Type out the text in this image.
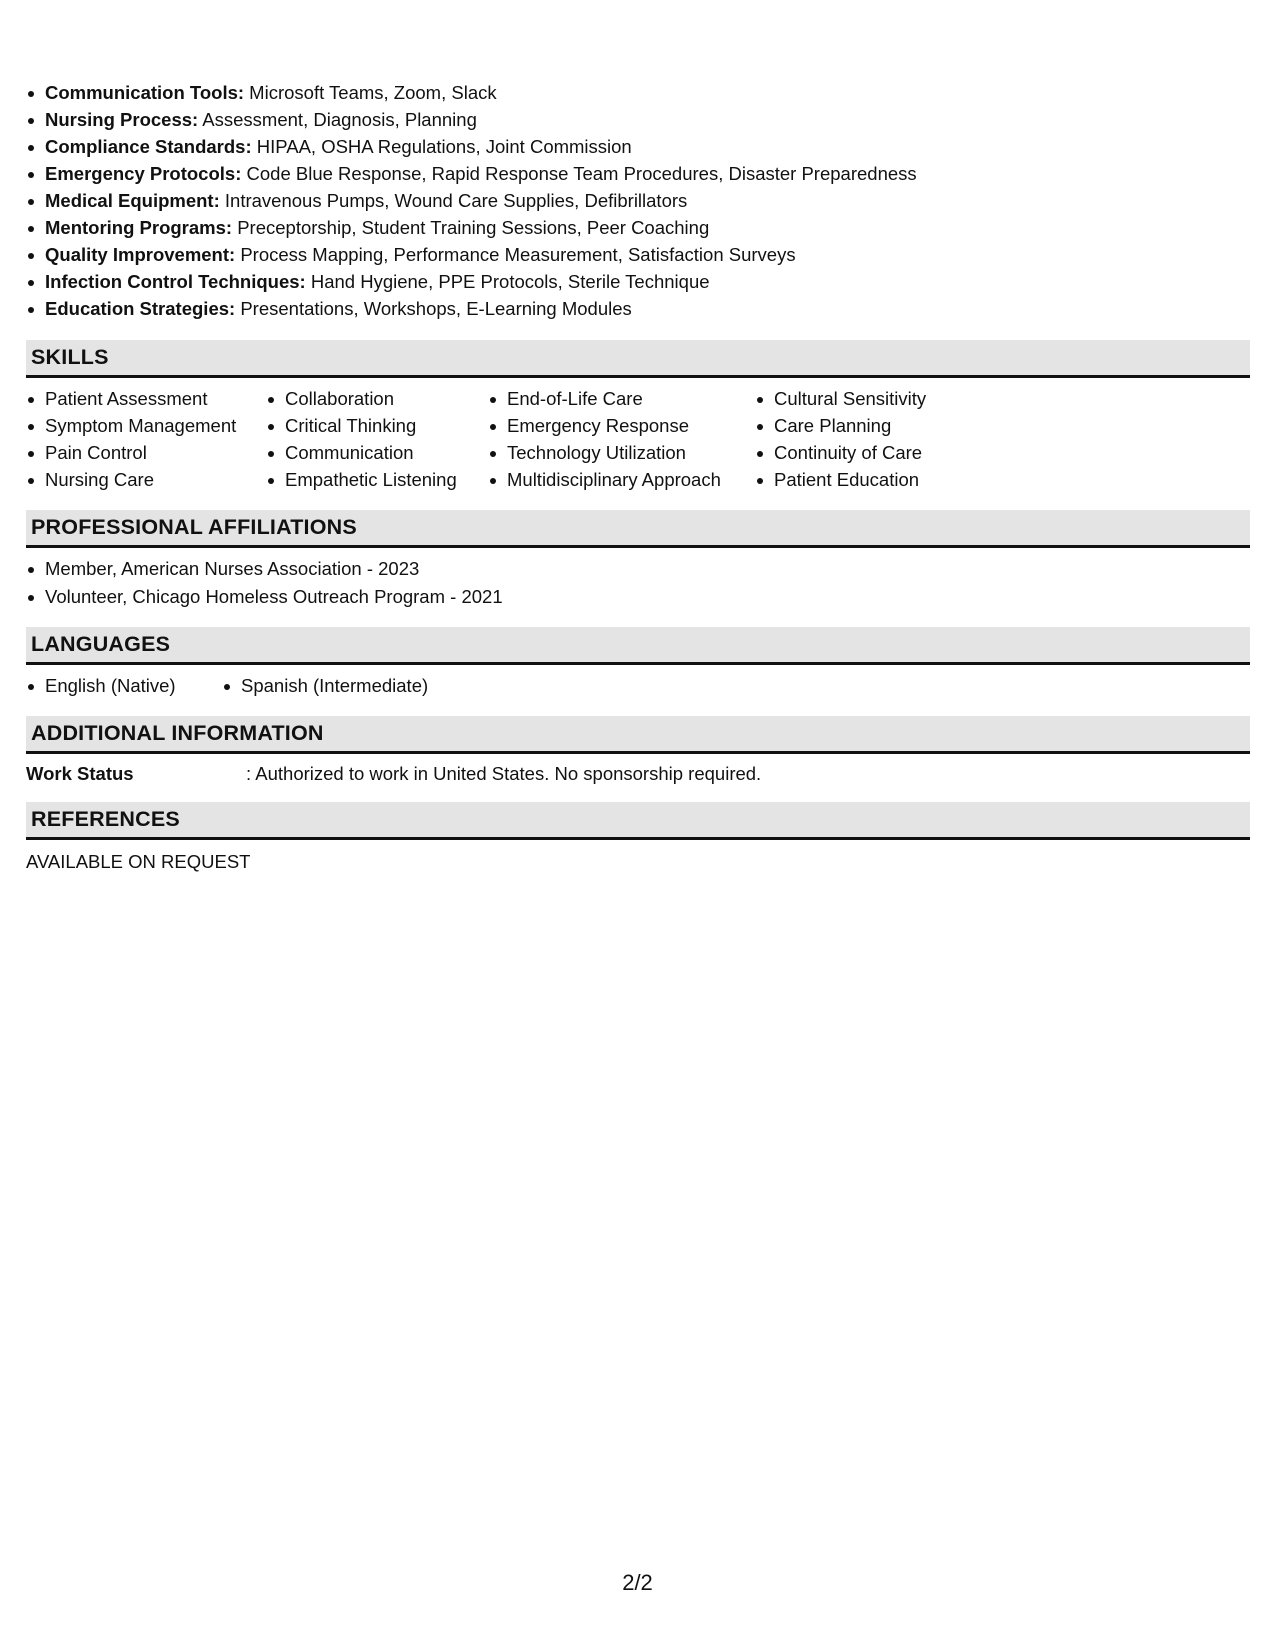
Communication Tools: Microsoft Teams, Zoom, Slack
Nursing Process: Assessment, Diagnosis, Planning
Compliance Standards: HIPAA, OSHA Regulations, Joint Commission
Emergency Protocols: Code Blue Response, Rapid Response Team Procedures, Disaster Preparedness
Medical Equipment: Intravenous Pumps, Wound Care Supplies, Defibrillators
Mentoring Programs: Preceptorship, Student Training Sessions, Peer Coaching
Quality Improvement: Process Mapping, Performance Measurement, Satisfaction Surveys
Infection Control Techniques: Hand Hygiene, PPE Protocols, Sterile Technique
Education Strategies: Presentations, Workshops, E-Learning Modules
SKILLS
Patient Assessment
Symptom Management
Pain Control
Nursing Care
Collaboration
Critical Thinking
Communication
Empathetic Listening
End-of-Life Care
Emergency Response
Technology Utilization
Multidisciplinary Approach
Cultural Sensitivity
Care Planning
Continuity of Care
Patient Education
PROFESSIONAL AFFILIATIONS
Member, American Nurses Association - 2023
Volunteer, Chicago Homeless Outreach Program - 2021
LANGUAGES
English (Native)	Spanish (Intermediate)
ADDITIONAL INFORMATION
Work Status	: Authorized to work in United States. No sponsorship required.
REFERENCES
AVAILABLE ON REQUEST
2/2
